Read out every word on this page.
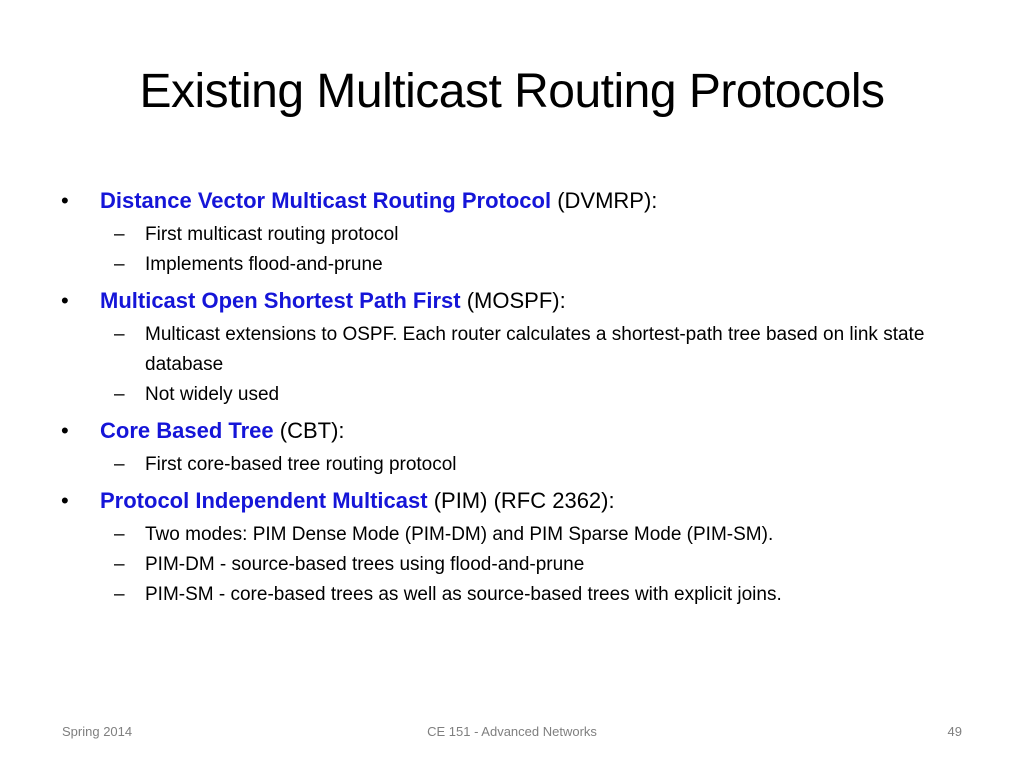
Existing Multicast Routing Protocols
• Distance Vector Multicast Routing Protocol (DVMRP):
– First multicast routing protocol
– Implements flood-and-prune
• Multicast Open Shortest Path First (MOSPF):
– Multicast extensions to OSPF. Each router calculates a shortest-path tree based on link state database
– Not widely used
• Core Based Tree (CBT):
– First core-based tree routing protocol
• Protocol Independent Multicast (PIM) (RFC 2362):
– Two modes: PIM Dense Mode (PIM-DM) and PIM Sparse Mode (PIM-SM).
– PIM-DM - source-based trees using flood-and-prune
– PIM-SM - core-based trees as well as source-based trees with explicit joins.
Spring 2014	CE 151 - Advanced Networks	49
